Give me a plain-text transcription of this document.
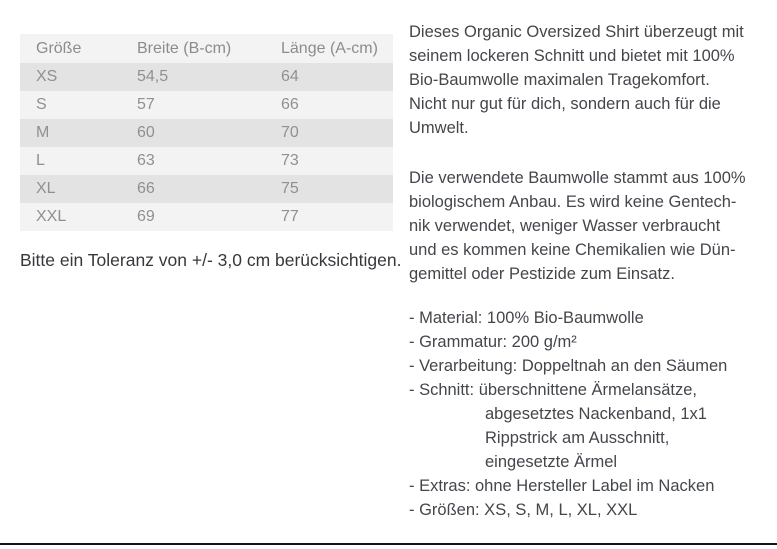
Größe	Breite (B-cm)	Länge (A-cm)
XS	54,5	64
S	57	66
M	60	70
L	63	73
XL	66	75
XXL	69	77

Bitte ein Toleranz von +/- 3,0 cm berücksichtigen.

Dieses Organic Oversized Shirt überzeugt mit
seinem lockeren Schnitt und bietet mit 100%
Bio-Baumwolle maximalen Tragekomfort.
Nicht nur gut für dich, sondern auch für die
Umwelt.
Die verwendete Baumwolle stammt aus 100%
biologischem Anbau. Es wird keine Gentech-
nik verwendet, weniger Wasser verbraucht
und es kommen keine Chemikalien wie Dün-
gemittel oder Pestizide zum Einsatz.
- Material: 100% Bio-Baumwolle
- Grammatur: 200 g/m²
- Verarbeitung: Doppeltnah an den Säumen
- Schnitt: überschnittene Ärmelansätze,
abgesetztes Nackenband, 1x1
Rippstrick am Ausschnitt,
eingesetzte Ärmel
- Extras: ohne Hersteller Label im Nacken
- Größen: XS, S, M, L, XL, XXL
